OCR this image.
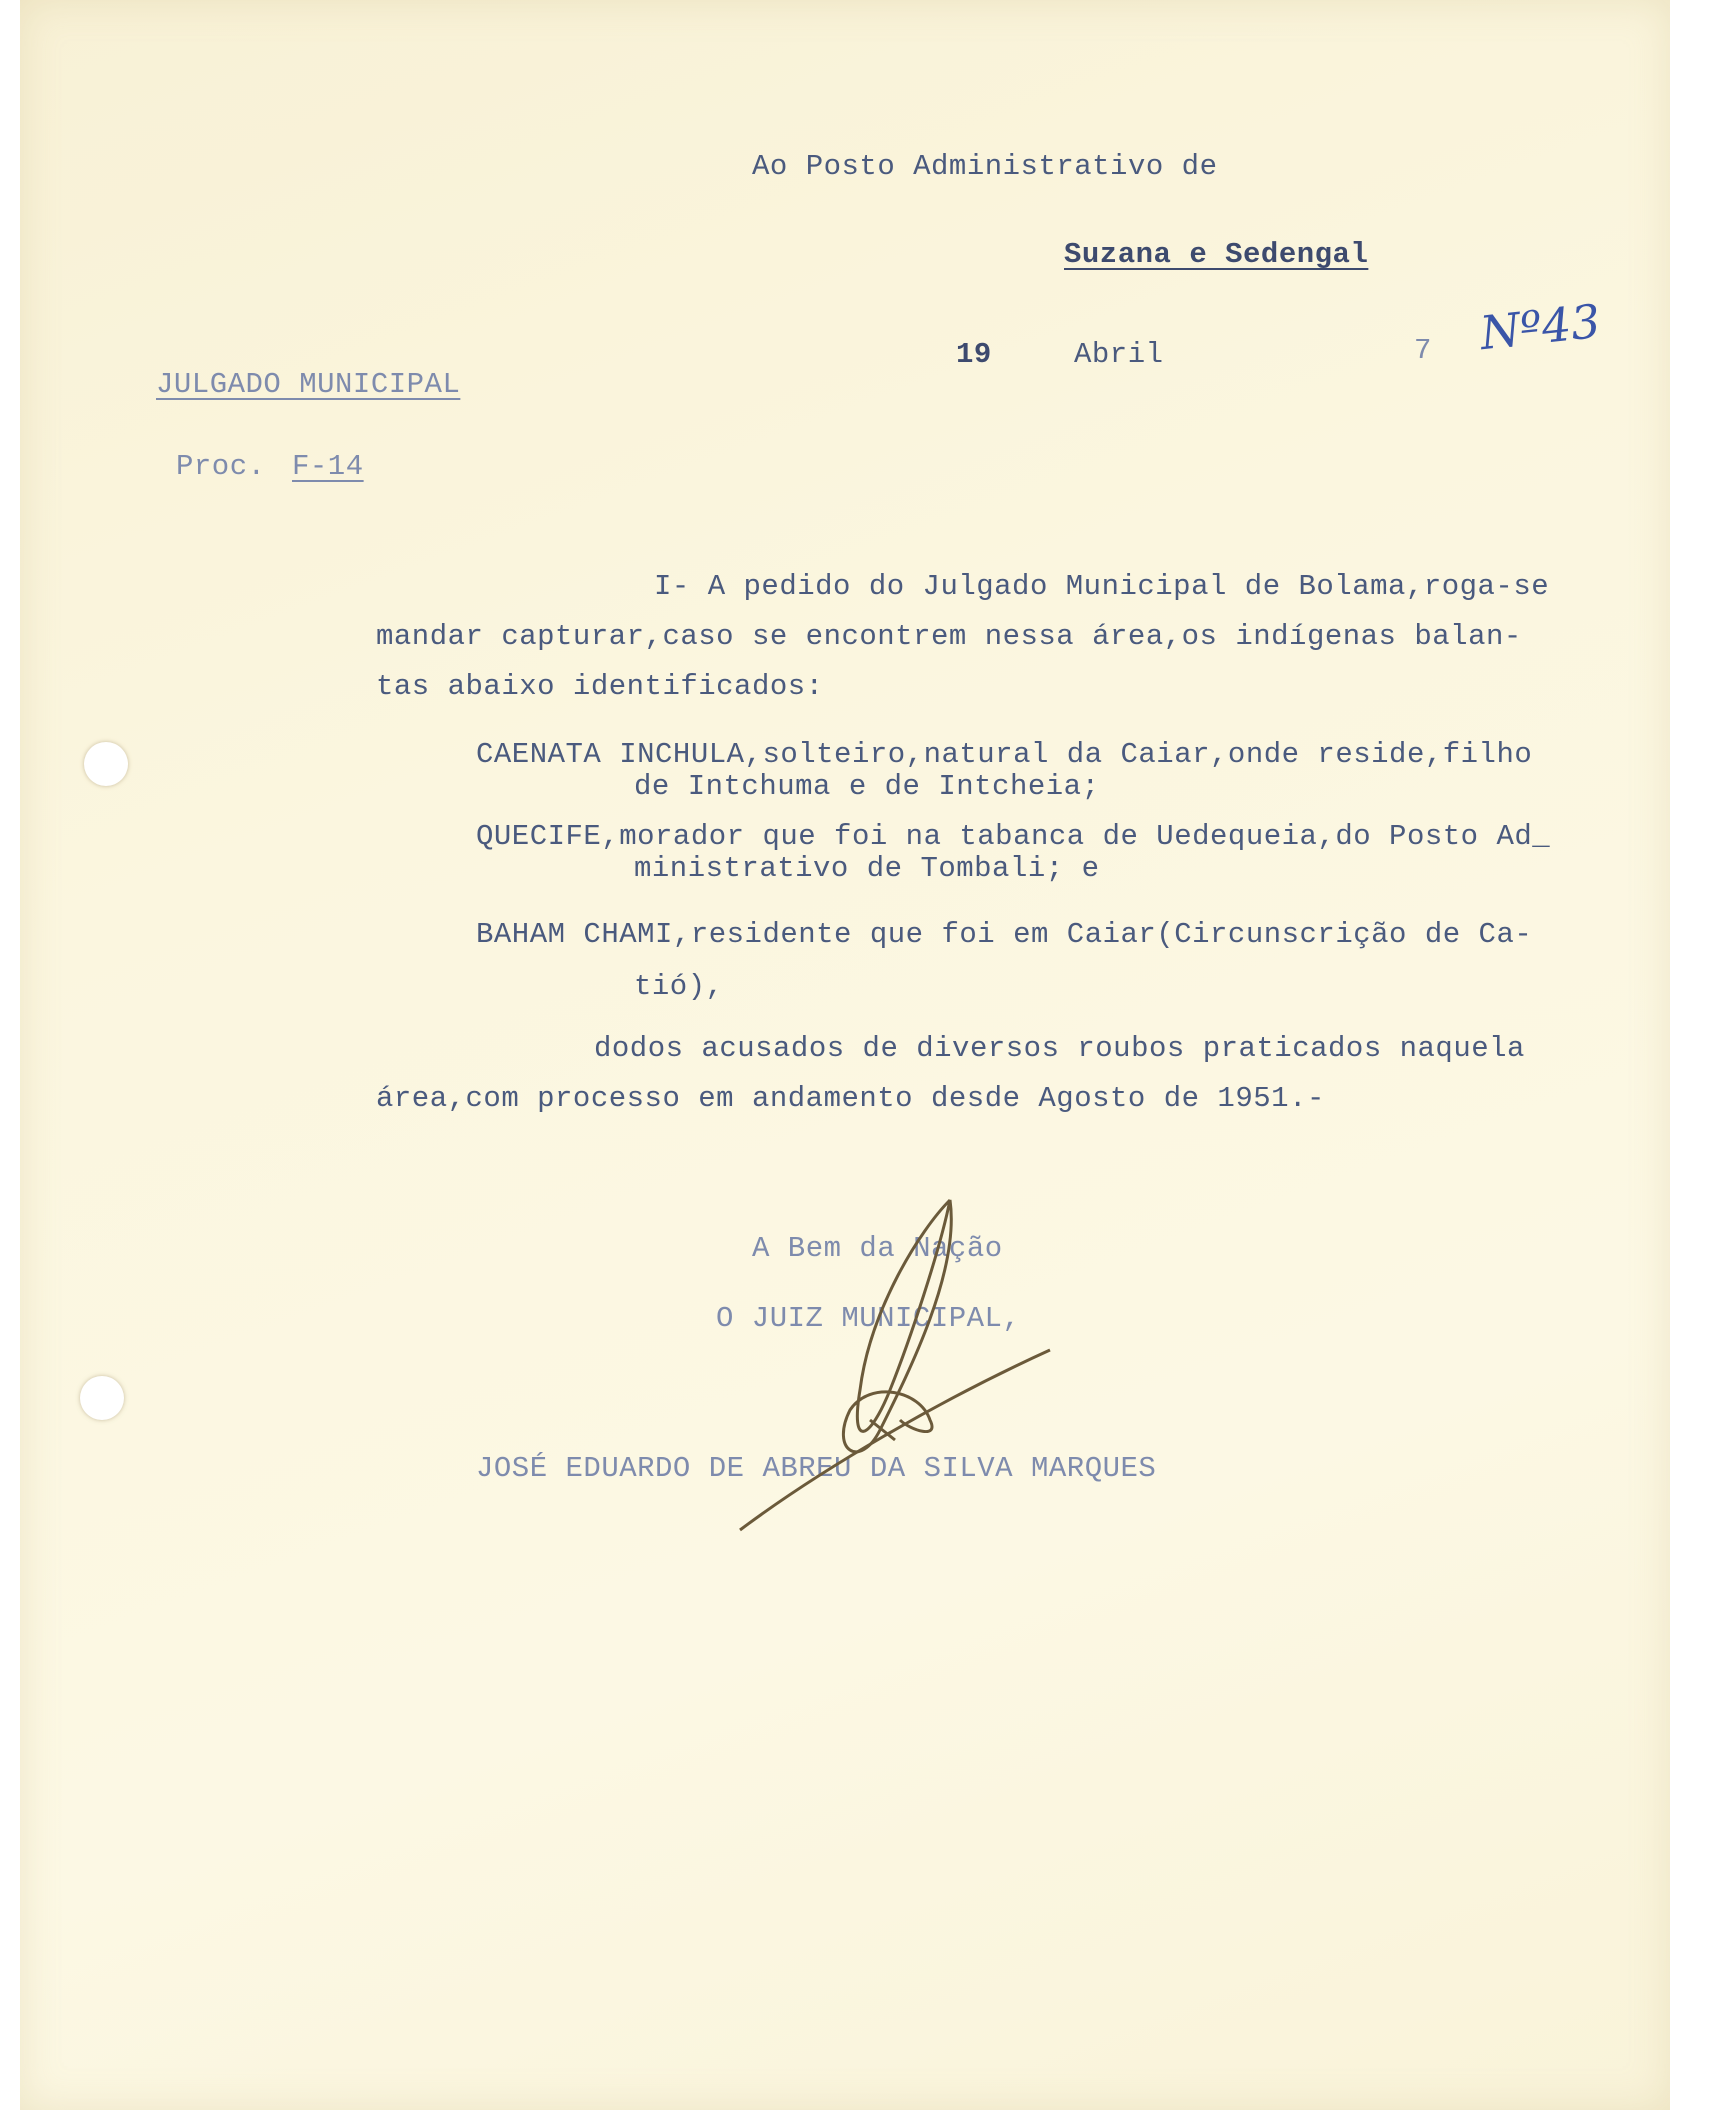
Ao Posto Administrativo de
Suzana e Sedengal
19	Abril	7 Nº43
JULGADO MUNICIPAL
Proc. F-14
I- A pedido do Julgado Municipal de Bolama,roga-se
mandar capturar,caso se encontrem nessa área,os indígenas balan-
tas abaixo identificados:
CAENATA INCHULA,solteiro,natural da Caiar,onde reside,filho
de Intchuma e de Intcheia;
QUECIFE,morador que foi na tabanca de Uedequeia,do Posto Ad_
ministrativo de Tombali; e
BAHAM CHAMI,residente que foi em Caiar(Circunscrição de Ca-
tió),
dodos acusados de diversos roubos praticados naquela
área,com processo em andamento desde Agosto de 1951.-
A Bem da Nação
O JUIZ MUNICIPAL,
JOSÉ EDUARDO DE ABREU DA SILVA MARQUES
